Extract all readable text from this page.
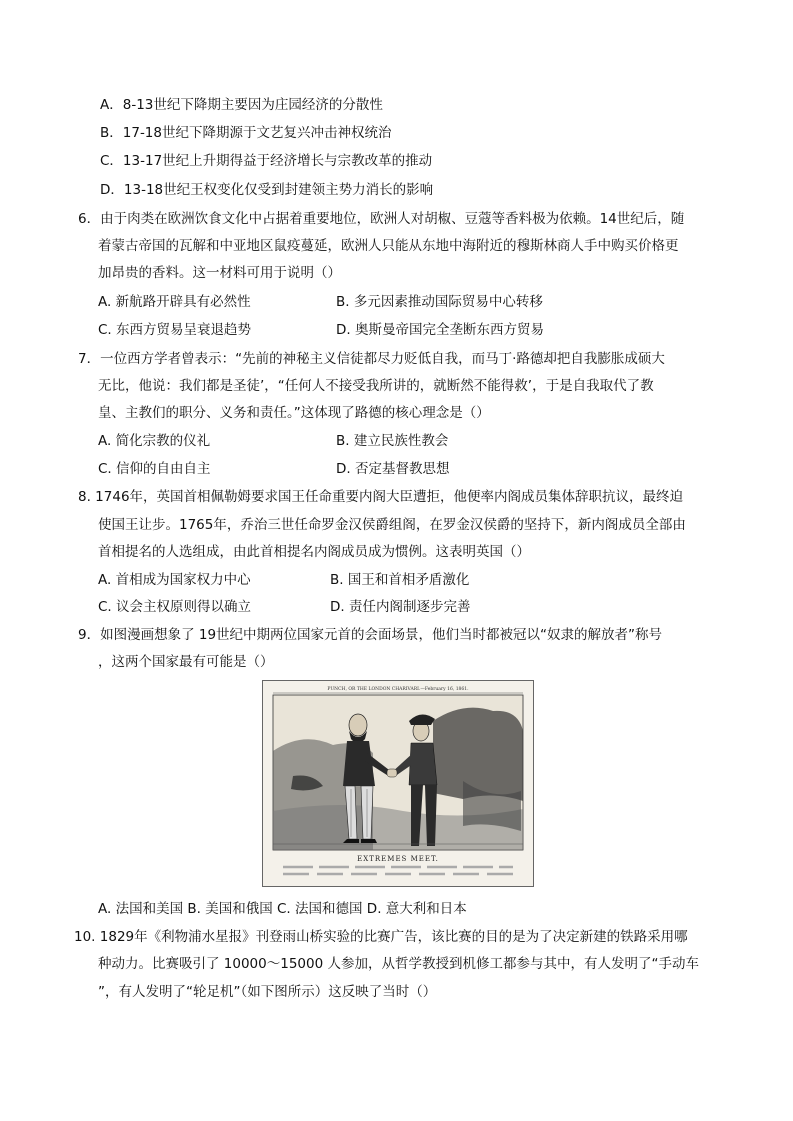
A．8-13世纪下降期主要因为庄园经济的分散性
B．17-18世纪下降期源于文艺复兴冲击神权统治
C．13-17世纪上升期得益于经济增长与宗教改革的推动
D．13-18世纪王权变化仅受到封建领主势力消长的影响
6．由于肉类在欧洲饮食文化中占据着重要地位，欧洲人对胡椒、豆蔻等香料极为依赖。14世纪后，随
着蒙古帝国的瓦解和中亚地区鼠疫蔓延，欧洲人只能从东地中海附近的穆斯林商人手中购买价格更
加昂贵的香料。这一材料可用于说明（）
A. 新航路开辟具有必然性	B. 多元因素推动国际贸易中心转移
C. 东西方贸易呈衰退趋势	D. 奥斯曼帝国完全垄断东西方贸易
7．一位西方学者曾表示：“先前的神秘主义信徒都尽力贬低自我，而马丁·路德却把自我膨胀成硕大
无比，他说：我们都是圣徒’，“任何人不接受我所讲的，就断然不能得救’，于是自我取代了教
皇、主教们的职分、义务和责任。”这体现了路德的核心理念是（）
A. 简化宗教的仪礼	B. 建立民族性教会
C. 信仰的自由自主	D. 否定基督教思想
8. 1746年，英国首相佩勒姆要求国王任命重要内阁大臣遭拒，他便率内阁成员集体辞职抗议，最终迫
使国王让步。1765年，乔治三世任命罗金汉侯爵组阁，在罗金汉侯爵的坚持下，新内阁成员全部由
首相提名的人选组成，由此首相提名内阁成员成为惯例。这表明英国（）
A. 首相成为国家权力中心	B. 国王和首相矛盾激化
C. 议会主权原则得以确立	D. 责任内阁制逐步完善
9．如图漫画想象了 19世纪中期两位国家元首的会面场景，他们当时都被冠以“奴隶的解放者”称号
，这两个国家最有可能是（）
PUNCH, OR THE LONDON CHARIVARI.—February 16, 1861.
EXTREMES MEET.
A. 法国和美国 B. 美国和俄国 C. 法国和德国 D. 意大利和日本
10. 1829年《利物浦水星报》刊登雨山桥实验的比赛广告，该比赛的目的是为了决定新建的铁路采用哪
种动力。比赛吸引了 10000～15000 人参加，从哲学教授到机修工都参与其中，有人发明了“手动车
”，有人发明了“轮足机”（如下图所示）这反映了当时（）
